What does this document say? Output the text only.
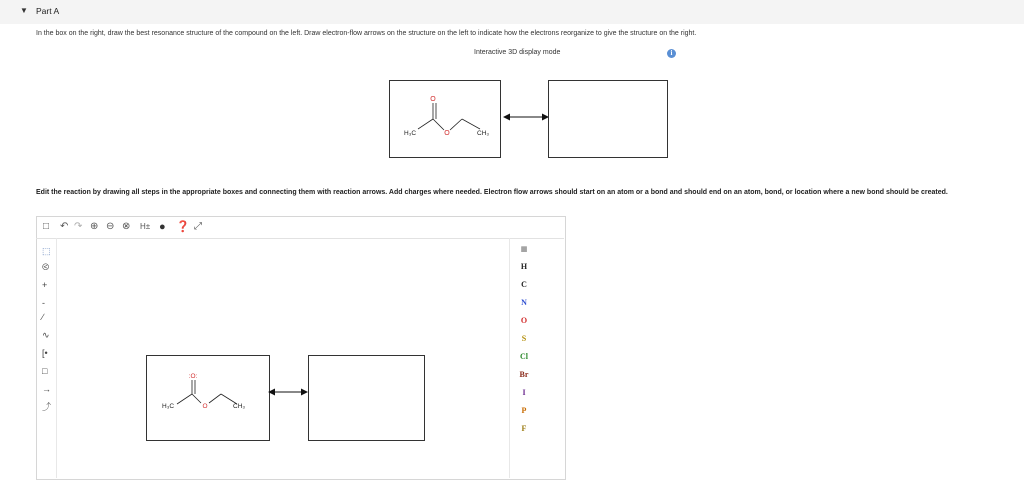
▼ Part A
In the box on the right, draw the best resonance structure of the compound on the left. Draw electron-flow arrows on the structure on the left to indicate how the electrons reorganize to give the structure on the right.
Interactive 3D display mode	i
O
O
H₃C	CH₃
Edit the reaction by drawing all steps in the appropriate boxes and connecting them with reaction arrows. Add charges where needed. Electron flow arrows should start on an atom or a bond and should end on an atom, bond, or location where a new bond should be created.
□ ↶ ↷ ⊕ ⊖ ⊗ H± ● ❓ ⤢
⬚
⧀
+
-
∕
∿
[•
□
→
⤴
▦
H
C
N
O
S
Cl
Br
I
P
F
:O:
O
H₃C	CH₃
